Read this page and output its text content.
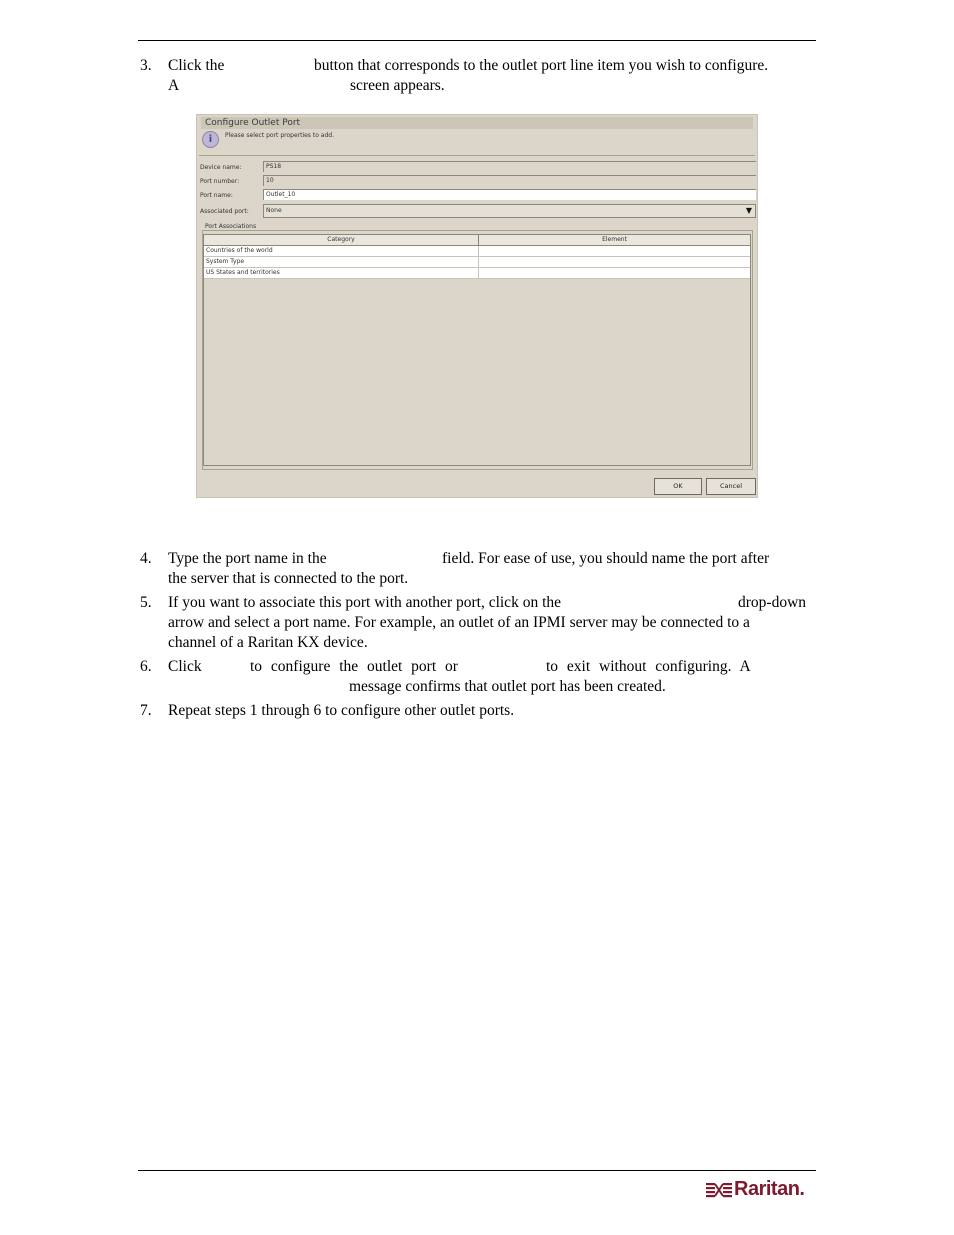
3. Click the	button that corresponds to the outlet port line item you wish to configure.
A	screen appears.
Configure Outlet Port
i	Please select port properties to add.
Device name:	PS18
Port number:	10
Port name:	Outlet_10
Associated port:	None	▼
Port Associations
Category	Element
Countries of the world
System Type
US States and territories
OK	Cancel
4. Type the port name in the	field. For ease of use, you should name the port after
the server that is connected to the port.
5. If you want to associate this port with another port, click on the	drop-down
arrow and select a port name. For example, an outlet of an IPMI server may be connected to a
channel of a Raritan KX device.
6. Click	to configure the outlet port or	to exit without configuring. A
message confirms that outlet port has been created.
7. Repeat steps 1 through 6 to configure other outlet ports.
Raritan.
